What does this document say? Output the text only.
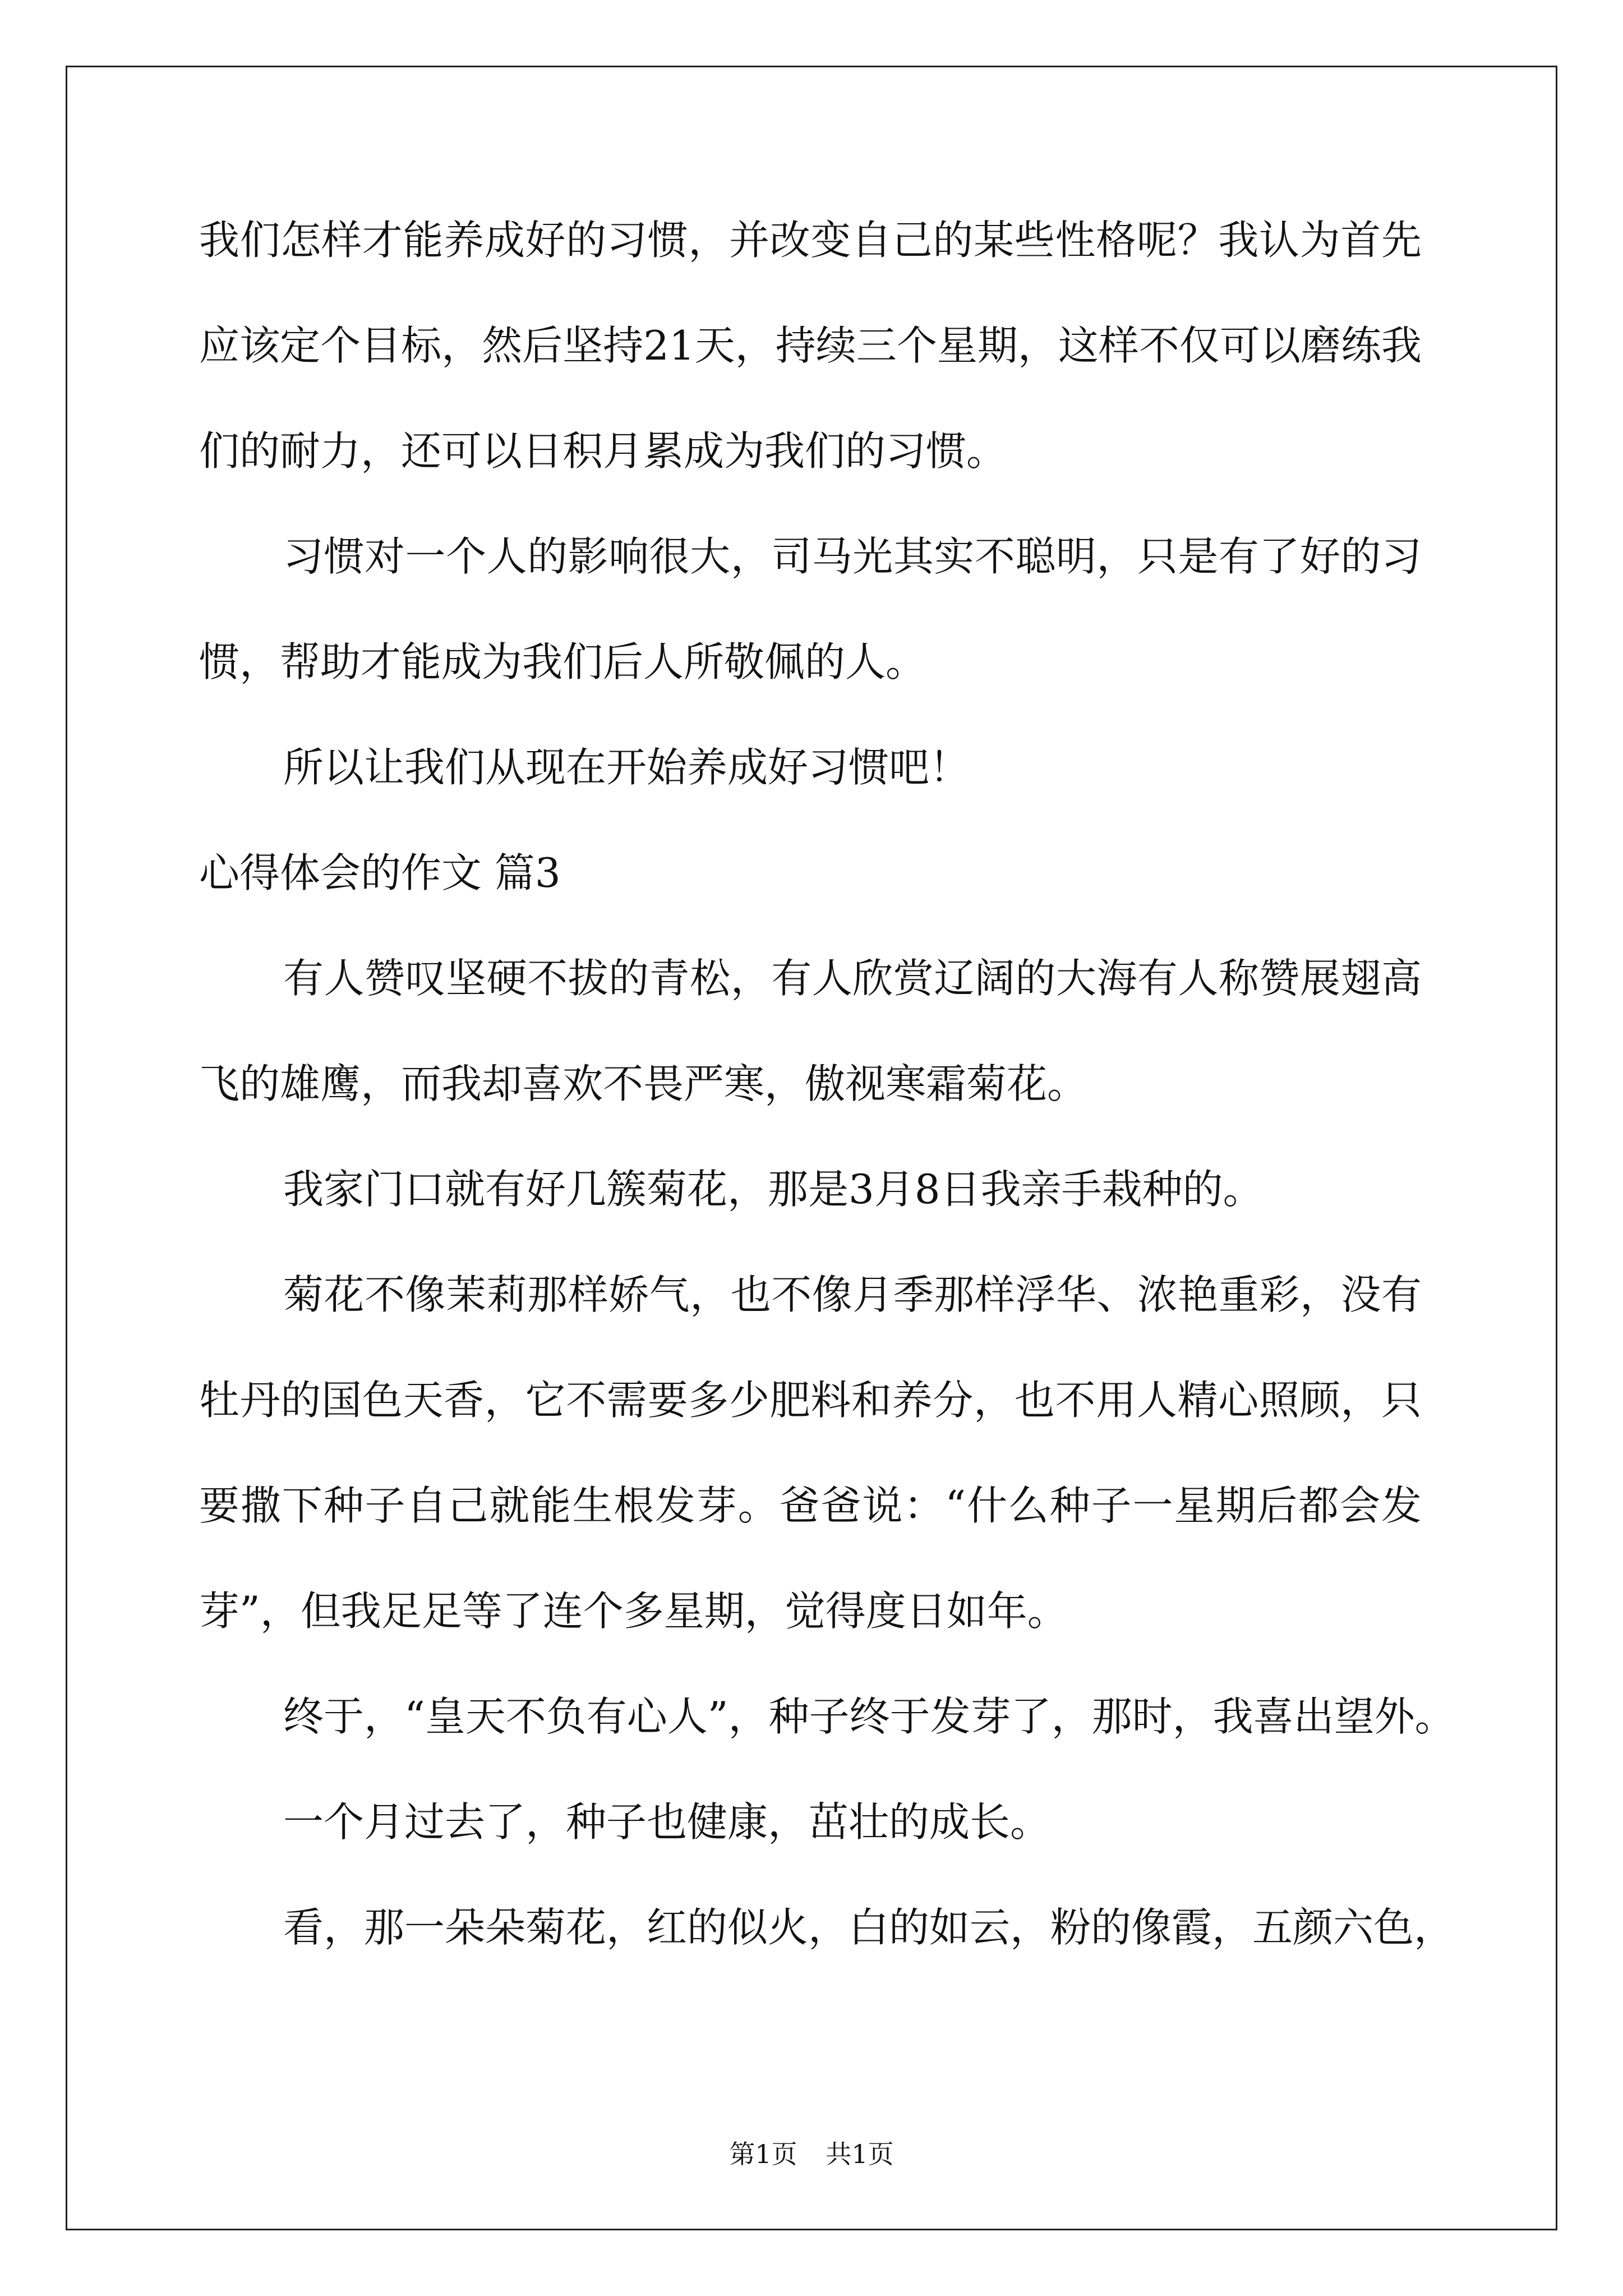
我们怎样才能养成好的习惯，并改变自己的某些性格呢？我认为首先
应该定个目标，然后坚持21天，持续三个星期，这样不仅可以磨练我
们的耐力，还可以日积月累成为我们的习惯。
习惯对一个人的影响很大，司马光其实不聪明，只是有了好的习
惯，帮助才能成为我们后人所敬佩的人。
所以让我们从现在开始养成好习惯吧！
心得体会的作文 篇3
有人赞叹坚硬不拔的青松，有人欣赏辽阔的大海有人称赞展翅高
飞的雄鹰，而我却喜欢不畏严寒，傲视寒霜菊花。
我家门口就有好几簇菊花，那是3月8日我亲手栽种的。
菊花不像茉莉那样娇气，也不像月季那样浮华、浓艳重彩，没有
牡丹的国色天香，它不需要多少肥料和养分，也不用人精心照顾，只
要撒下种子自己就能生根发芽。爸爸说：“什么种子一星期后都会发
芽”，但我足足等了连个多星期，觉得度日如年。
终于，“皇天不负有心人”，种子终于发芽了，那时，我喜出望外。
一个月过去了，种子也健康，茁壮的成长。
看，那一朵朵菊花，红的似火，白的如云，粉的像霞，五颜六色，
第1页 共1页
